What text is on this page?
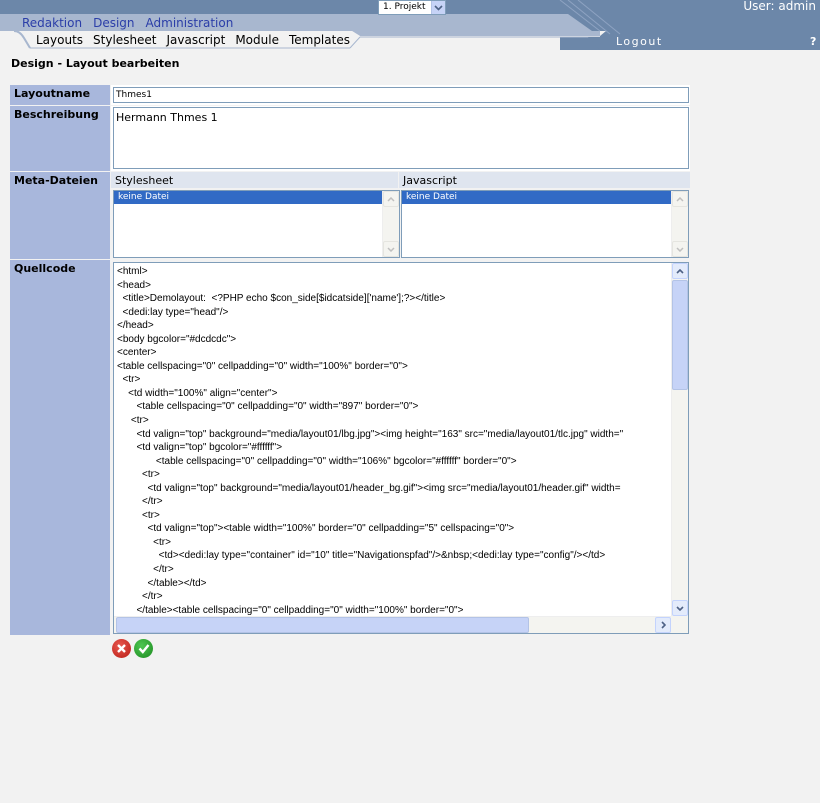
1. Projekt	User: admin
Redaktion Design Administration
Layouts Stylesheet Javascript Module Templates	Logout	?
Design - Layout bearbeiten
Layoutname	Thmes1
Beschreibung	Hermann Thmes 1
Meta-Dateien	Stylesheet	Javascript
keine Datei	keine Datei
Quellcode	<html>
<head>
<title>Demolayout:  <?PHP echo $con_side[$idcatside]['name'];?></title>
<dedi:lay type="head"/>
</head>
<body bgcolor="#dcdcdc">
<center>
<table cellspacing="0" cellpadding="0" width="100%" border="0">
<tr>
<td width="100%" align="center">
<table cellspacing="0" cellpadding="0" width="897" border="0">
<tr>
<td valign="top" background="media/layout01/lbg.jpg"><img height="163" src="media/layout01/tlc.jpg" width="
<td valign="top" bgcolor="#ffffff">
<table cellspacing="0" cellpadding="0" width="106%" bgcolor="#ffffff" border="0">
<tr>
<td valign="top" background="media/layout01/header_bg.gif"><img src="media/layout01/header.gif" width=
</tr>
<tr>
<td valign="top"><table width="100%" border="0" cellpadding="5" cellspacing="0">
<tr>
<td><dedi:lay type="container" id="10" title="Navigationspfad"/>&nbsp;<dedi:lay type="config"/></td>
</tr>
</table></td>
</tr>
</table><table cellspacing="0" cellpadding="0" width="100%" border="0">
